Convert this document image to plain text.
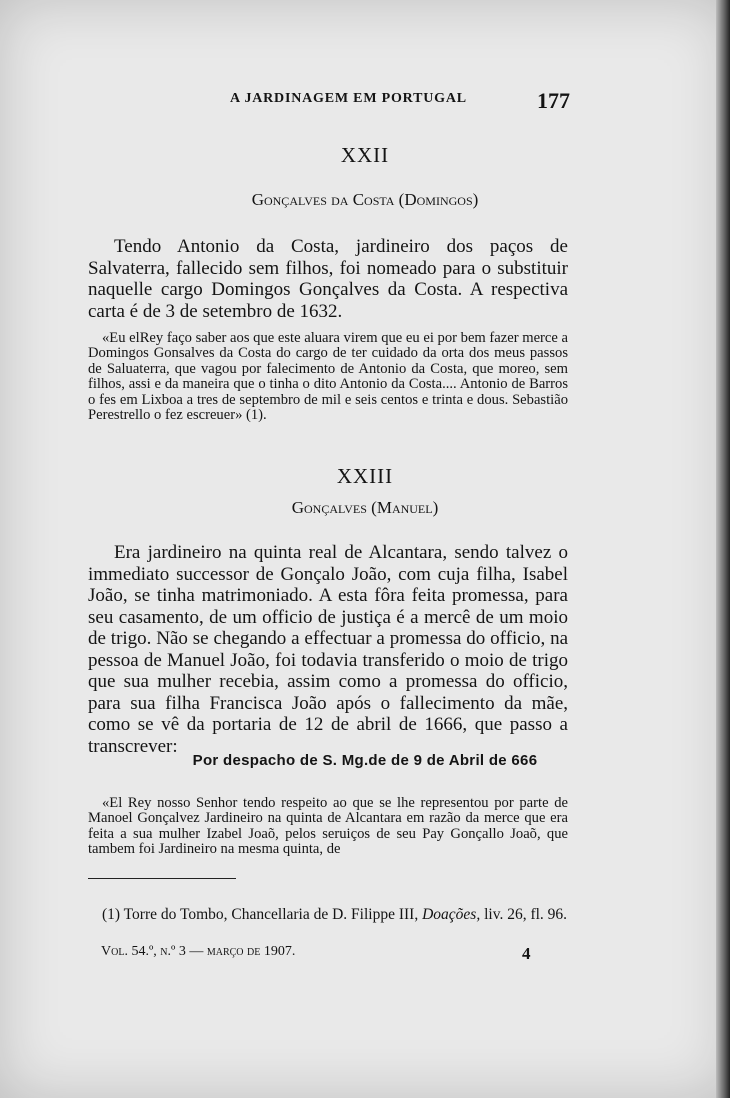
A JARDINAGEM EM PORTUGAL	177
XXII
Gonçalves da Costa (Domingos)

Tendo Antonio da Costa, jardineiro dos paços de Salvaterra, fallecido sem filhos, foi nomeado para o substituir naquelle cargo Domingos Gonçalves da Costa. A respectiva carta é de 3 de setembro de 1632.

«Eu elRey faço saber aos que este aluara virem que eu ei por bem fazer merce a Domingos Gonsalves da Costa do cargo de ter cuidado da orta dos meus passos de Saluaterra, que vagou por falecimento de Antonio da Costa, que moreo, sem filhos, assi e da maneira que o tinha o dito Antonio da Costa.... Antonio de Barros o fes em Lixboa a tres de septembro de mil e seis centos e trinta e dous. Sebastião Perestrello o fez escreuer» (1).

XXIII
Gonçalves (Manuel)

Era jardineiro na quinta real de Alcantara, sendo talvez o immediato successor de Gonçalo João, com cuja filha, Isabel João, se tinha matrimoniado. A esta fôra feita promessa, para seu casamento, de um officio de justiça é a mercê de um moio de trigo. Não se chegando a effectuar a promessa do officio, na pessoa de Manuel João, foi todavia transferido o moio de trigo que sua mulher recebia, assim como a promessa do officio, para sua filha Francisca João após o fallecimento da mãe, como se vê da portaria de 12 de abril de 1666, que passo a transcrever:

Por despacho de S. Mg.de de 9 de Abril de 666

«El Rey nosso Senhor tendo respeito ao que se lhe representou por parte de Manoel Gonçalvez Jardineiro na quinta de Alcantara em razão da merce que era feita a sua mulher Izabel Joaõ, pelos seruiços de seu Pay Gonçallo Joaõ, que tambem foi Jardineiro na mesma quinta, de

(1) Torre do Tombo, Chancellaria de D. Filippe III, Doações, liv. 26, fl. 96.

Vol. 54.º, n.º 3 — março de 1907.	4
